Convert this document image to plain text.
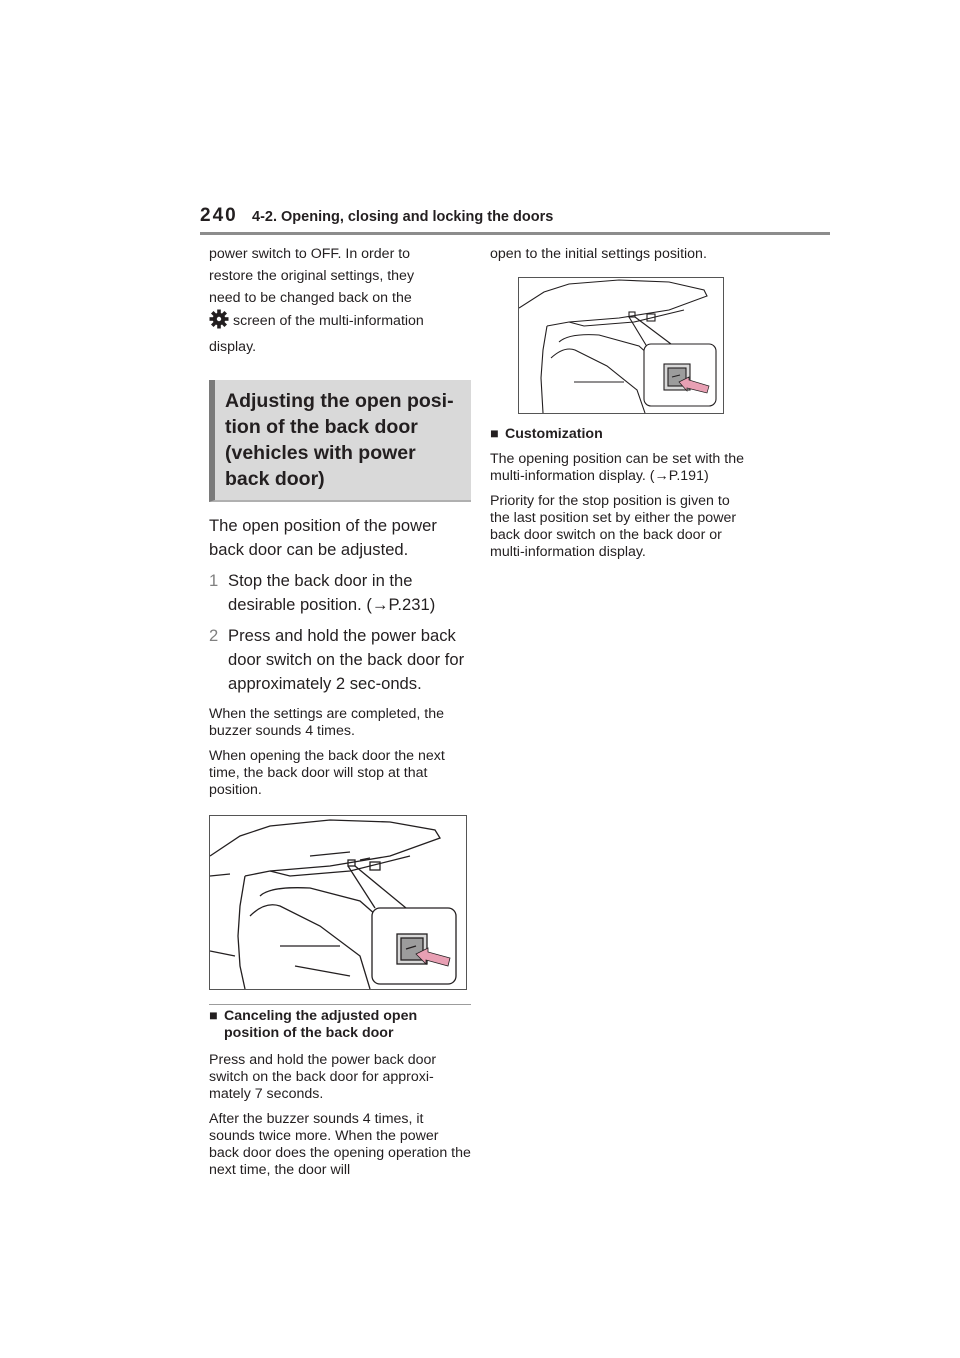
240 4-2. Opening, closing and locking the doors

power switch to OFF. In order to
restore the original settings, they
need to be changed back on the
screen of the multi-information
display.

Adjusting the open posi-tion of the back door (vehicles with power back door)

The open position of the power back door can be adjusted.

1 Stop the back door in the desirable position. (→P.231)
2 Press and hold the power back door switch on the back door for approximately 2 sec-onds.

When the settings are completed, the buzzer sounds 4 times.

When opening the back door the next time, the back door will stop at that position.

■ Canceling the adjusted open position of the back door

Press and hold the power back door switch on the back door for approxi-mately 7 seconds.

After the buzzer sounds 4 times, it sounds twice more. When the power back door does the opening operation the next time, the door will

open to the initial settings position.

■ Customization

The opening position can be set with the multi-information display. (→P.191)

Priority for the stop position is given to the last position set by either the power back door switch on the back door or multi-information display.
